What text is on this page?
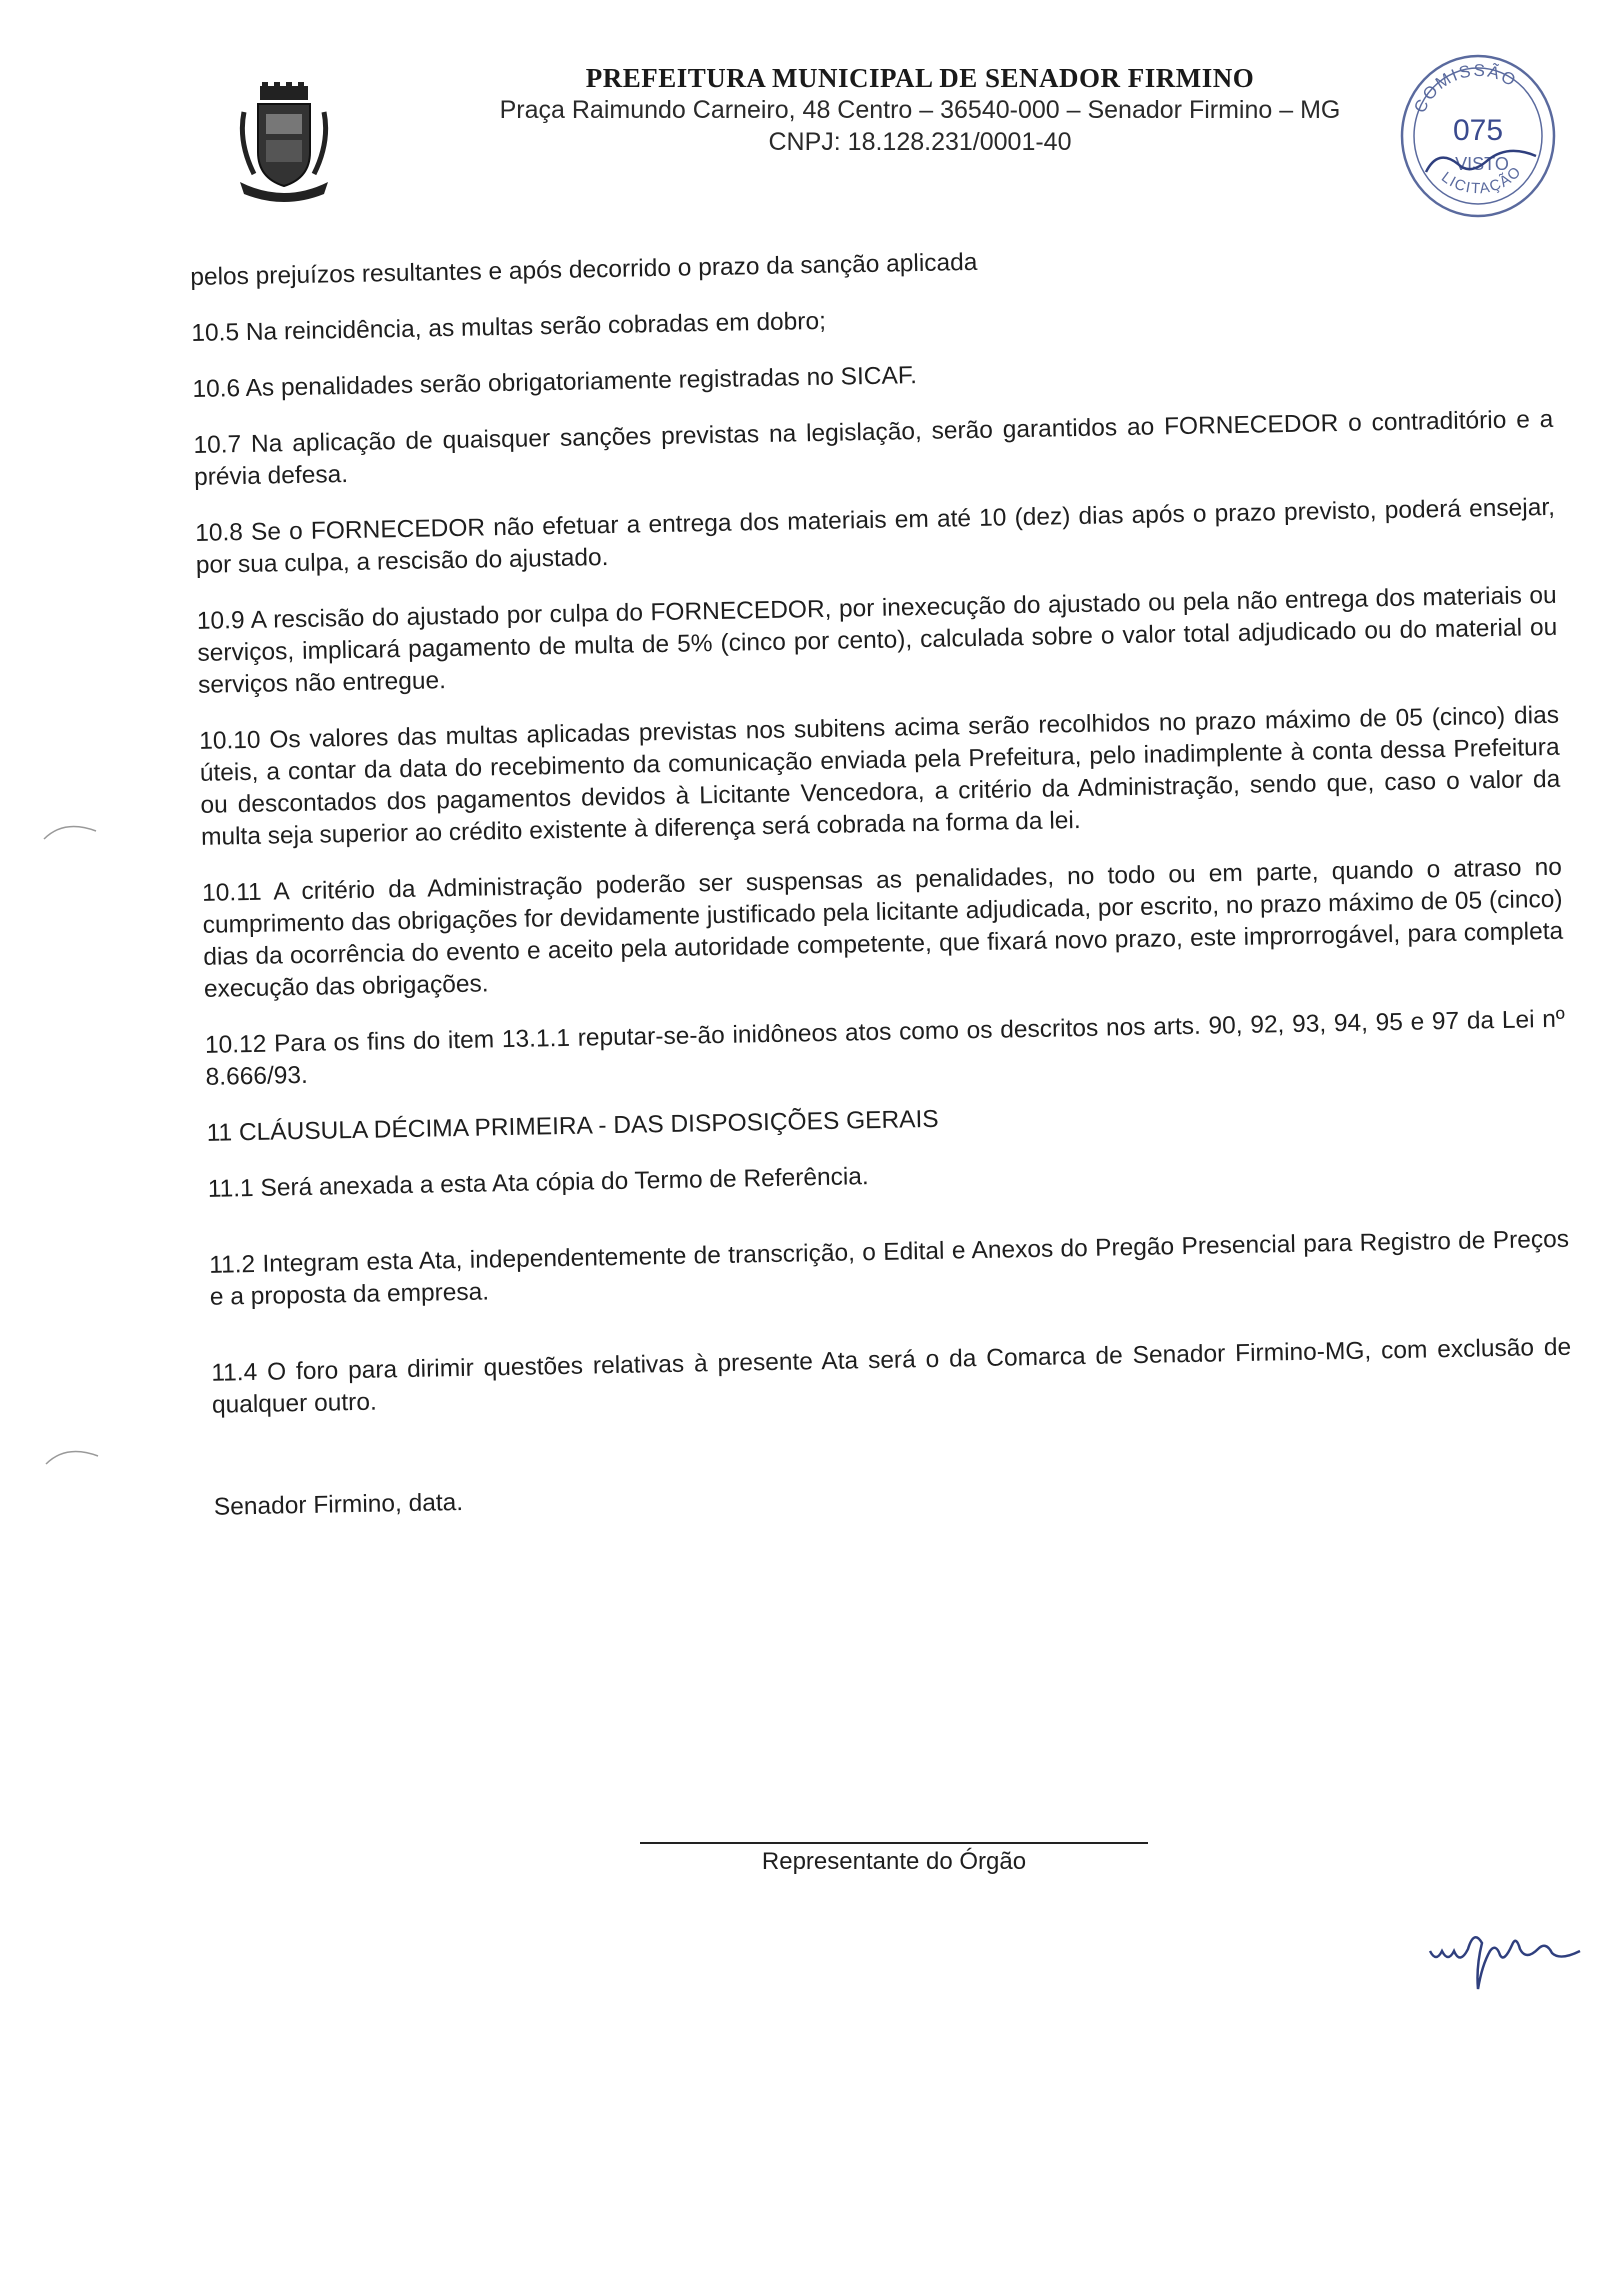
PREFEITURA MUNICIPAL DE SENADOR FIRMINO
Praça Raimundo Carneiro, 48 Centro – 36540-000 – Senador Firmino – MG
CNPJ: 18.128.231/0001-40
COMISSÃO
075
VISTO
LICITAÇÃO

pelos prejuízos resultantes e após decorrido o prazo da sanção aplicada

10.5 Na reincidência, as multas serão cobradas em dobro;

10.6 As penalidades serão obrigatoriamente registradas no SICAF.

10.7 Na aplicação de quaisquer sanções previstas na legislação, serão garantidos ao FORNECEDOR o contraditório e a prévia defesa.

10.8 Se o FORNECEDOR não efetuar a entrega dos materiais em até 10 (dez) dias após o prazo previsto, poderá ensejar, por sua culpa, a rescisão do ajustado.

10.9 A rescisão do ajustado por culpa do FORNECEDOR, por inexecução do ajustado ou pela não entrega dos materiais ou serviços, implicará pagamento de multa de 5% (cinco por cento), calculada sobre o valor total adjudicado ou do material ou serviços não entregue.

10.10 Os valores das multas aplicadas previstas nos subitens acima serão recolhidos no prazo máximo de 05 (cinco) dias úteis, a contar da data do recebimento da comunicação enviada pela Prefeitura, pelo inadimplente à conta dessa Prefeitura ou descontados dos pagamentos devidos à Licitante Vencedora, a critério da Administração, sendo que, caso o valor da multa seja superior ao crédito existente à diferença será cobrada na forma da lei.

10.11 A critério da Administração poderão ser suspensas as penalidades, no todo ou em parte, quando o atraso no cumprimento das obrigações for devidamente justificado pela licitante adjudicada, por escrito, no prazo máximo de 05 (cinco) dias da ocorrência do evento e aceito pela autoridade competente, que fixará novo prazo, este improrrogável, para completa execução das obrigações.

10.12 Para os fins do item 13.1.1 reputar-se-ão inidôneos atos como os descritos nos arts. 90, 92, 93, 94, 95 e 97 da Lei nº 8.666/93.

11 CLÁUSULA DÉCIMA PRIMEIRA - DAS DISPOSIÇÕES GERAIS

11.1 Será anexada a esta Ata cópia do Termo de Referência.

11.2 Integram esta Ata, independentemente de transcrição, o Edital e Anexos do Pregão Presencial para Registro de Preços e a proposta da empresa.

11.4 O foro para dirimir questões relativas à presente Ata será o da Comarca de Senador Firmino-MG, com exclusão de qualquer outro.

Senador Firmino, data.

Representante do Órgão
